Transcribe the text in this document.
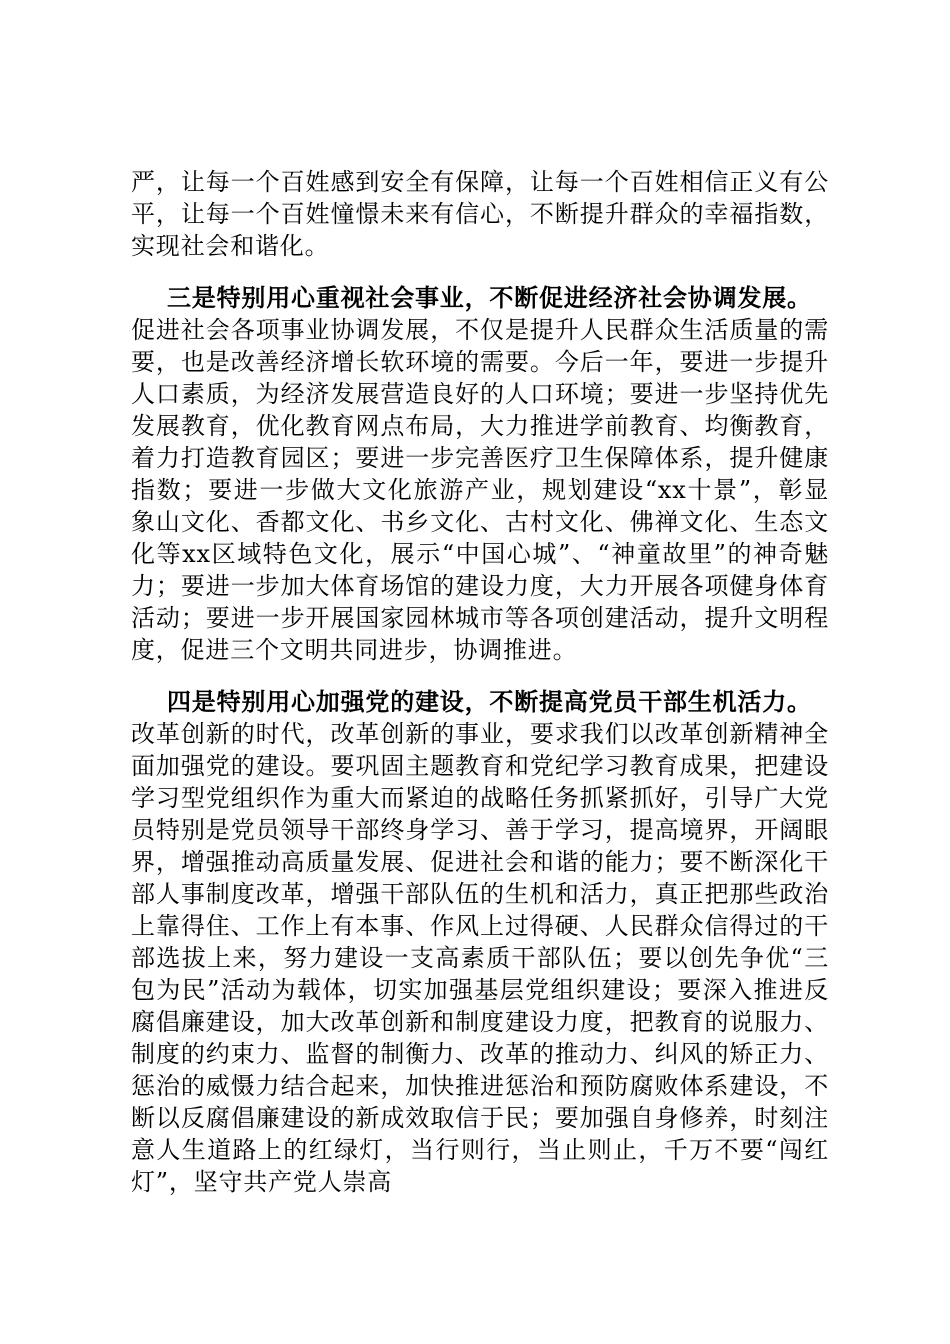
严，让每一个百姓感到安全有保障，让每一个百姓相信正义有公平，让每一个百姓憧憬未来有信心，不断提升群众的幸福指数，实现社会和谐化。

三是特别用心重视社会事业，不断促进经济社会协调发展。
促进社会各项事业协调发展，不仅是提升人民群众生活质量的需要，也是改善经济增长软环境的需要。今后一年，要进一步提升人口素质，为经济发展营造良好的人口环境；要进一步坚持优先发展教育，优化教育网点布局，大力推进学前教育、均衡教育，着力打造教育园区；要进一步完善医疗卫生保障体系，提升健康指数；要进一步做大文化旅游产业，规划建设“xx十景”，彰显象山文化、香都文化、书乡文化、古村文化、佛禅文化、生态文化等xx区域特色文化，展示“中国心城”、“神童故里”的神奇魅力；要进一步加大体育场馆的建设力度，大力开展各项健身体育活动；要进一步开展国家园林城市等各项创建活动，提升文明程度，促进三个文明共同进步，协调推进。

四是特别用心加强党的建设，不断提高党员干部生机活力。
改革创新的时代，改革创新的事业，要求我们以改革创新精神全面加强党的建设。要巩固主题教育和党纪学习教育成果，把建设学习型党组织作为重大而紧迫的战略任务抓紧抓好，引导广大党员特别是党员领导干部终身学习、善于学习，提高境界，开阔眼界，增强推动高质量发展、促进社会和谐的能力；要不断深化干部人事制度改革，增强干部队伍的生机和活力，真正把那些政治上靠得住、工作上有本事、作风上过得硬、人民群众信得过的干部选拔上来，努力建设一支高素质干部队伍；要以创先争优“三包为民”活动为载体，切实加强基层党组织建设；要深入推进反腐倡廉建设，加大改革创新和制度建设力度，把教育的说服力、制度的约束力、监督的制衡力、改革的推动力、纠风的矫正力、惩治的威慑力结合起来，加快推进惩治和预防腐败体系建设，不断以反腐倡廉建设的新成效取信于民；要加强自身修养，时刻注意人生道路上的红绿灯，当行则行，当止则止，千万不要“闯红灯”，坚守共产党人崇高
